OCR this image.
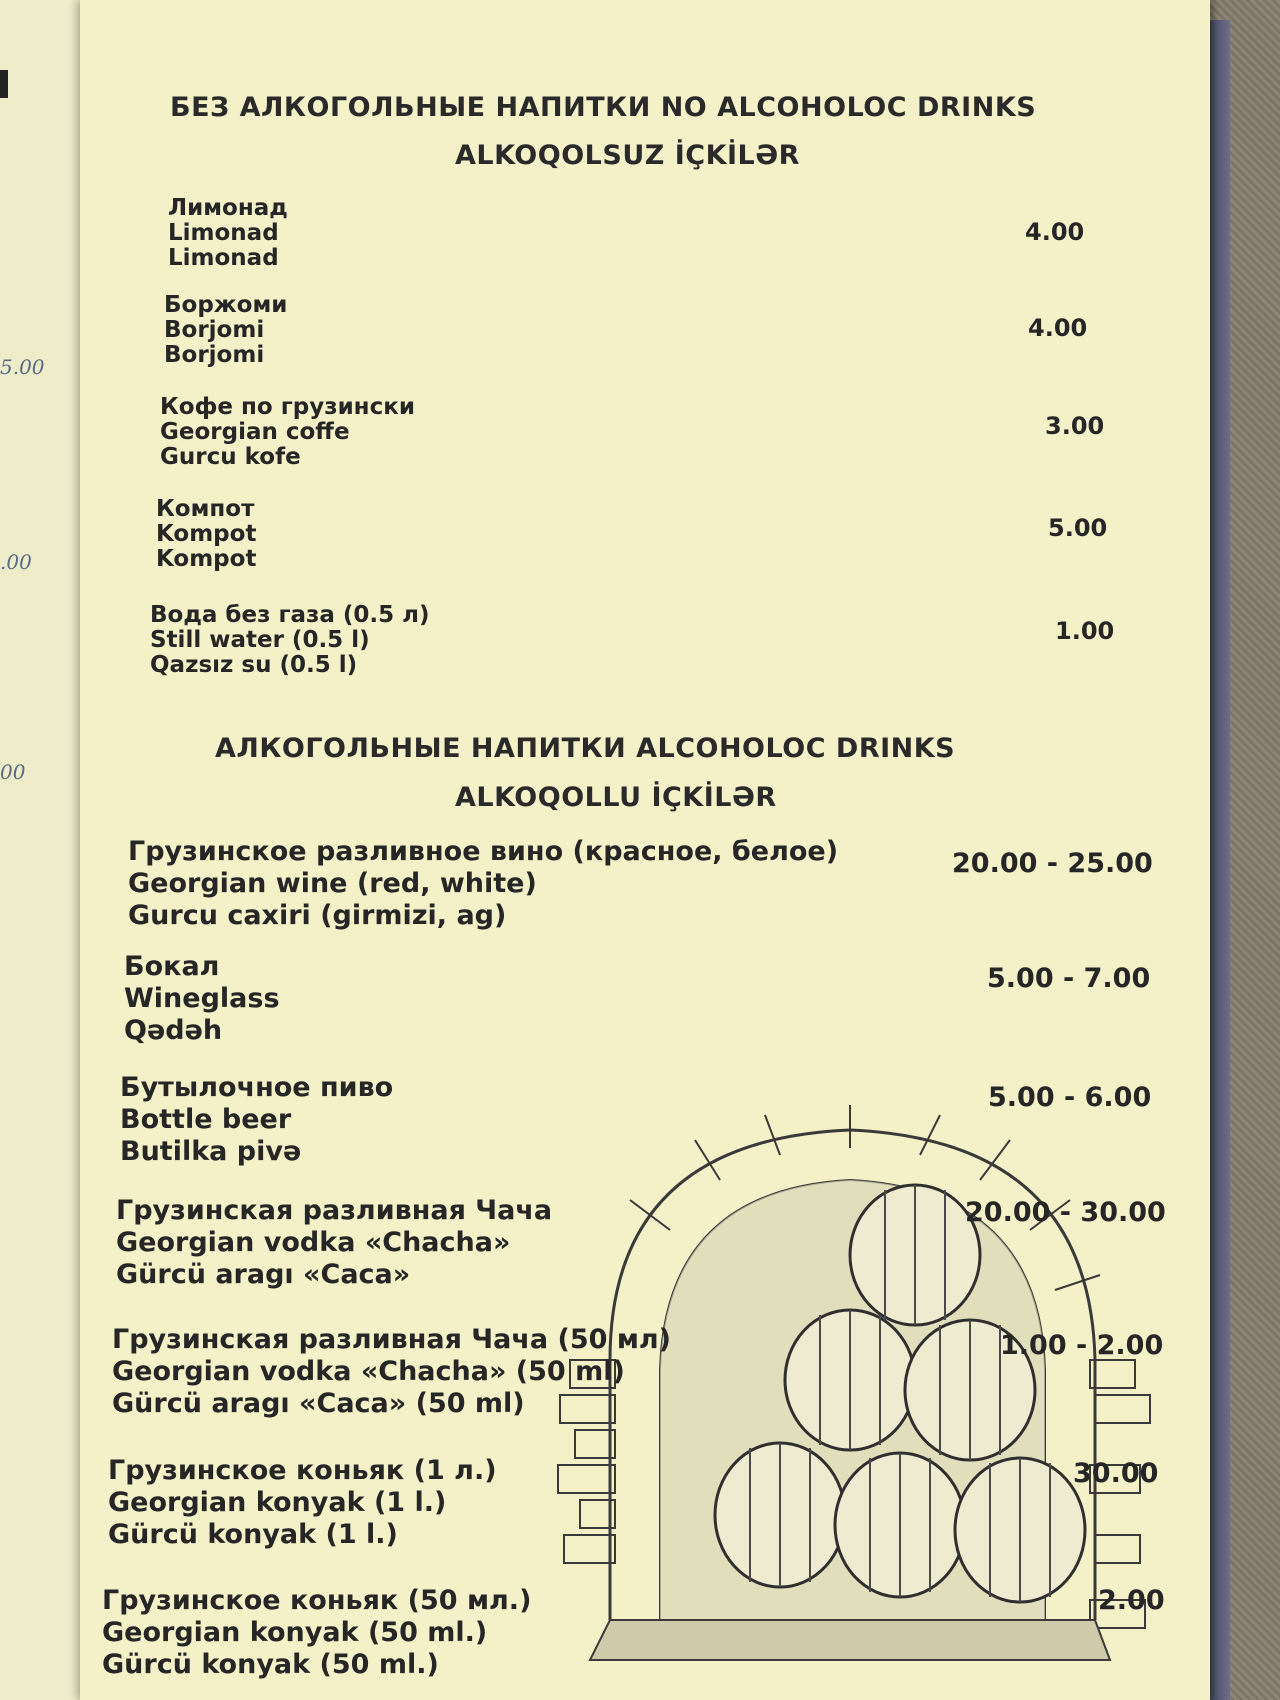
5.00
.00
00
БЕЗ АЛКОГОЛЬНЫЕ НАПИТКИ NO ALCOHOLOC DRINKS
ALKOQOLSUZ İÇKİLƏR
Лимонад
Limonad
Limonad
4.00
Боржоми
Borjomi
Borjomi
4.00
Кофе по грузински
Georgian coffe
Gurcu kofe
3.00
Компот
Kompot
Kompot
5.00
Вода без газа (0.5 л)
Still water (0.5 l)
Qazsız su (0.5 l)
1.00
АЛКОГОЛЬНЫЕ НАПИТКИ ALCOHOLOC DRINKS
ALKOQOLLU İÇKİLƏR
Грузинское разливное вино (красное, белое)
Georgian wine (red, white)
Gurcu caxiri (girmizi, ag)
20.00 - 25.00
Бокал
Wineglass
Qədəh
5.00 - 7.00
Бутылочное пиво
Bottle beer
Butilka pivə
5.00 - 6.00
Грузинская разливная Чача
Georgian vodka «Chacha»
Gürcü aragı «Caca»
20.00 - 30.00
Грузинская разливная Чача (50 мл)
Georgian vodka «Chacha» (50 ml)
Gürcü aragı «Caca» (50 ml)
1.00 - 2.00
Грузинское коньяк (1 л.)
Georgian konyak (1 l.)
Gürcü konyak (1 l.)
30.00
Грузинское коньяк (50 мл.)
Georgian konyak (50 ml.)
Gürcü konyak (50 ml.)
2.00
